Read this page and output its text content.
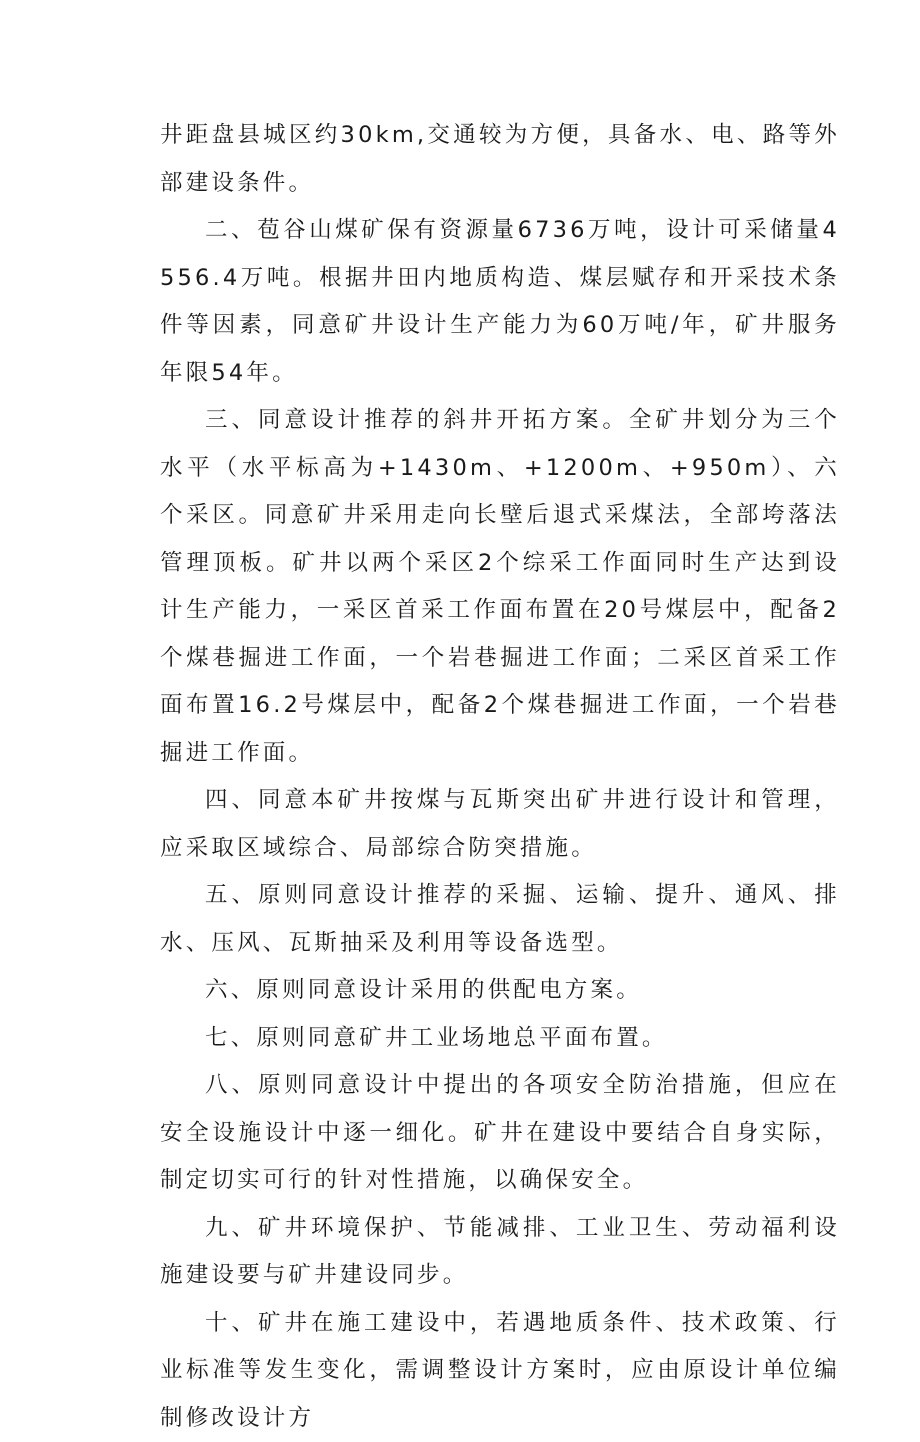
井距盘县城区约30km,交通较为方便，具备水、电、路等外部建设条件。

二、苞谷山煤矿保有资源量6736万吨，设计可采储量4556.4万吨。根据井田内地质构造、煤层赋存和开采技术条件等因素，同意矿井设计生产能力为60万吨/年，矿井服务年限54年。

三、同意设计推荐的斜井开拓方案。全矿井划分为三个水平（水平标高为+1430m、+1200m、+950m）、六个采区。同意矿井采用走向长壁后退式采煤法，全部垮落法管理顶板。矿井以两个采区2个综采工作面同时生产达到设计生产能力，一采区首采工作面布置在20号煤层中，配备2个煤巷掘进工作面，一个岩巷掘进工作面；二采区首采工作面布置16.2号煤层中，配备2个煤巷掘进工作面，一个岩巷掘进工作面。

四、同意本矿井按煤与瓦斯突出矿井进行设计和管理，应采取区域综合、局部综合防突措施。

五、原则同意设计推荐的采掘、运输、提升、通风、排水、压风、瓦斯抽采及利用等设备选型。

六、原则同意设计采用的供配电方案。

七、原则同意矿井工业场地总平面布置。

八、原则同意设计中提出的各项安全防治措施，但应在安全设施设计中逐一细化。矿井在建设中要结合自身实际，制定切实可行的针对性措施，以确保安全。

九、矿井环境保护、节能减排、工业卫生、劳动福利设施建设要与矿井建设同步。

十、矿井在施工建设中，若遇地质条件、技术政策、行业标准等发生变化，需调整设计方案时，应由原设计单位编制修改设计方
